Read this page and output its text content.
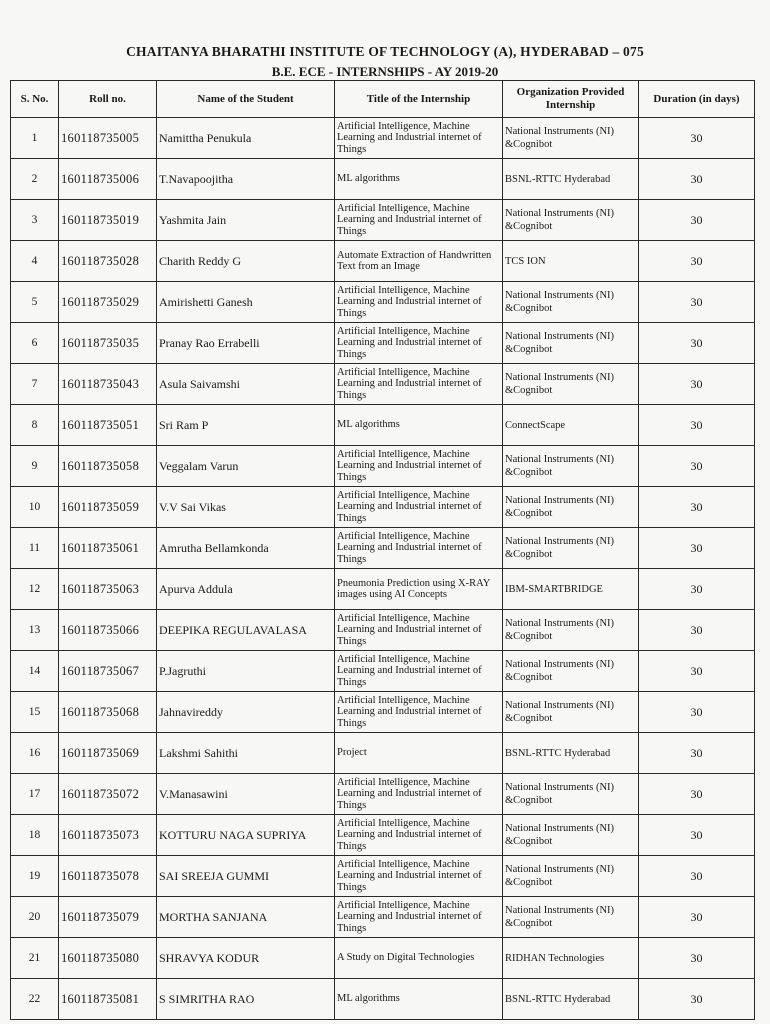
CHAITANYA BHARATHI INSTITUTE OF TECHNOLOGY (A), HYDERABAD – 075
B.E. ECE - INTERNSHIPS - AY 2019-20
S. No.	Roll no.	Name of the Student	Title of the Internship	Organization Provided Internship	Duration (in days)
1	160118735005	Namittha Penukula	Artificial Intelligence, Machine Learning and Industrial internet of Things	National Instruments (NI) &Cognibot	30
2	160118735006	T.Navapoojitha	ML algorithms	BSNL-RTTC Hyderabad	30
3	160118735019	Yashmita Jain	Artificial Intelligence, Machine Learning and Industrial internet of Things	National Instruments (NI) &Cognibot	30
4	160118735028	Charith Reddy G	Automate Extraction of Handwritten Text from an Image	TCS ION	30
5	160118735029	Amirishetti Ganesh	Artificial Intelligence, Machine Learning and Industrial internet of Things	National Instruments (NI) &Cognibot	30
6	160118735035	Pranay Rao Errabelli	Artificial Intelligence, Machine Learning and Industrial internet of Things	National Instruments (NI) &Cognibot	30
7	160118735043	Asula Saivamshi	Artificial Intelligence, Machine Learning and Industrial internet of Things	National Instruments (NI) &Cognibot	30
8	160118735051	Sri Ram P	ML algorithms	ConnectScape	30
9	160118735058	Veggalam Varun	Artificial Intelligence, Machine Learning and Industrial internet of Things	National Instruments (NI) &Cognibot	30
10	160118735059	V.V Sai Vikas	Artificial Intelligence, Machine Learning and Industrial internet of Things	National Instruments (NI) &Cognibot	30
11	160118735061	Amrutha Bellamkonda	Artificial Intelligence, Machine Learning and Industrial internet of Things	National Instruments (NI) &Cognibot	30
12	160118735063	Apurva Addula	Pneumonia Prediction using X-RAY images using AI Concepts	IBM-SMARTBRIDGE	30
13	160118735066	DEEPIKA REGULAVALASA	Artificial Intelligence, Machine Learning and Industrial internet of Things	National Instruments (NI) &Cognibot	30
14	160118735067	P.Jagruthi	Artificial Intelligence, Machine Learning and Industrial internet of Things	National Instruments (NI) &Cognibot	30
15	160118735068	Jahnavireddy	Artificial Intelligence, Machine Learning and Industrial internet of Things	National Instruments (NI) &Cognibot	30
16	160118735069	Lakshmi Sahithi	Project	BSNL-RTTC Hyderabad	30
17	160118735072	V.Manasawini	Artificial Intelligence, Machine Learning and Industrial internet of Things	National Instruments (NI) &Cognibot	30
18	160118735073	KOTTURU NAGA SUPRIYA	Artificial Intelligence, Machine Learning and Industrial internet of Things	National Instruments (NI) &Cognibot	30
19	160118735078	SAI SREEJA GUMMI	Artificial Intelligence, Machine Learning and Industrial internet of Things	National Instruments (NI) &Cognibot	30
20	160118735079	MORTHA SANJANA	Artificial Intelligence, Machine Learning and Industrial internet of Things	National Instruments (NI) &Cognibot	30
21	160118735080	SHRAVYA KODUR	A Study on Digital Technologies	RIDHAN Technologies	30
22	160118735081	S SIMRITHA RAO	ML algorithms	BSNL-RTTC Hyderabad	30
